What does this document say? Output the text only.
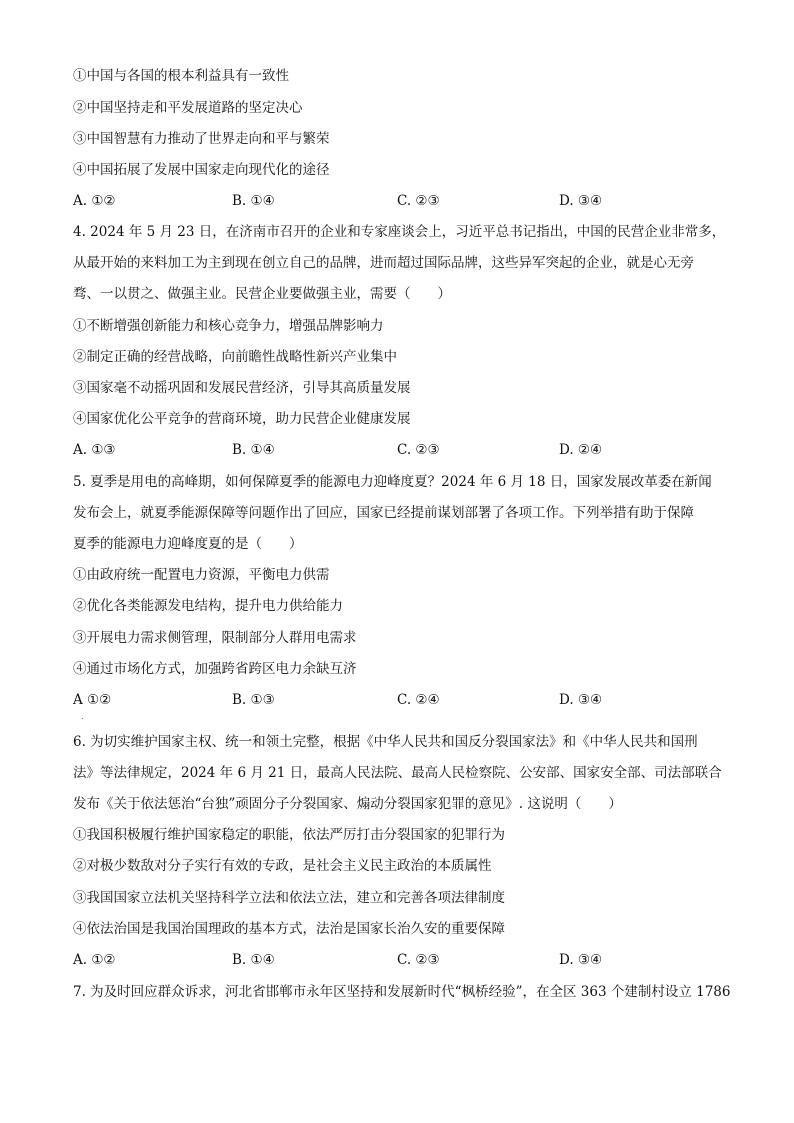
①中国与各国的根本利益具有一致性
②中国坚持走和平发展道路的坚定决心
③中国智慧有力推动了世界走向和平与繁荣
④中国拓展了发展中国家走向现代化的途径
A. ①②	B. ①④	C. ②③	D. ③④
4. 2024 年 5 月 23 日，在济南市召开的企业和专家座谈会上，习近平总书记指出，中国的民营企业非常多，
从最开始的来料加工为主到现在创立自己的品牌，进而超过国际品牌，这些异军突起的企业，就是心无旁
骛、一以贯之、做强主业。民营企业要做强主业，需要（　　）
①不断增强创新能力和核心竞争力，增强品牌影响力
②制定正确的经营战略，向前瞻性战略性新兴产业集中
③国家毫不动摇巩固和发展民营经济，引导其高质量发展
④国家优化公平竞争的营商环境，助力民营企业健康发展
A. ①③	B. ①④	C. ②③	D. ②④
5. 夏季是用电的高峰期，如何保障夏季的能源电力迎峰度夏？2024 年 6 月 18 日，国家发展改革委在新闻
发布会上，就夏季能源保障等问题作出了回应，国家已经提前谋划部署了各项工作。下列举措有助于保障
夏季的能源电力迎峰度夏的是（　　）
①由政府统一配置电力资源，平衡电力供需
②优化各类能源发电结构，提升电力供给能力
③开展电力需求侧管理，限制部分人群用电需求
④通过市场化方式，加强跨省跨区电力余缺互济
A ①②	B. ①③	C. ②④	D. ③④
.
6. 为切实维护国家主权、统一和领土完整，根据《中华人民共和国反分裂国家法》和《中华人民共和国刑
法》等法律规定，2024 年 6 月 21 日，最高人民法院、最高人民检察院、公安部、国家安全部、司法部联合
发布《关于依法惩治“台独”顽固分子分裂国家、煽动分裂国家犯罪的意见》. 这说明（　　）
①我国积极履行维护国家稳定的职能，依法严厉打击分裂国家的犯罪行为
②对极少数敌对分子实行有效的专政，是社会主义民主政治的本质属性
③我国国家立法机关坚持科学立法和依法立法，建立和完善各项法律制度
④依法治国是我国治国理政的基本方式，法治是国家长治久安的重要保障
A. ①②	B. ①④	C. ②③	D. ③④
7. 为及时回应群众诉求，河北省邯郸市永年区坚持和发展新时代“枫桥经验”，在全区 363 个建制村设立 1786
